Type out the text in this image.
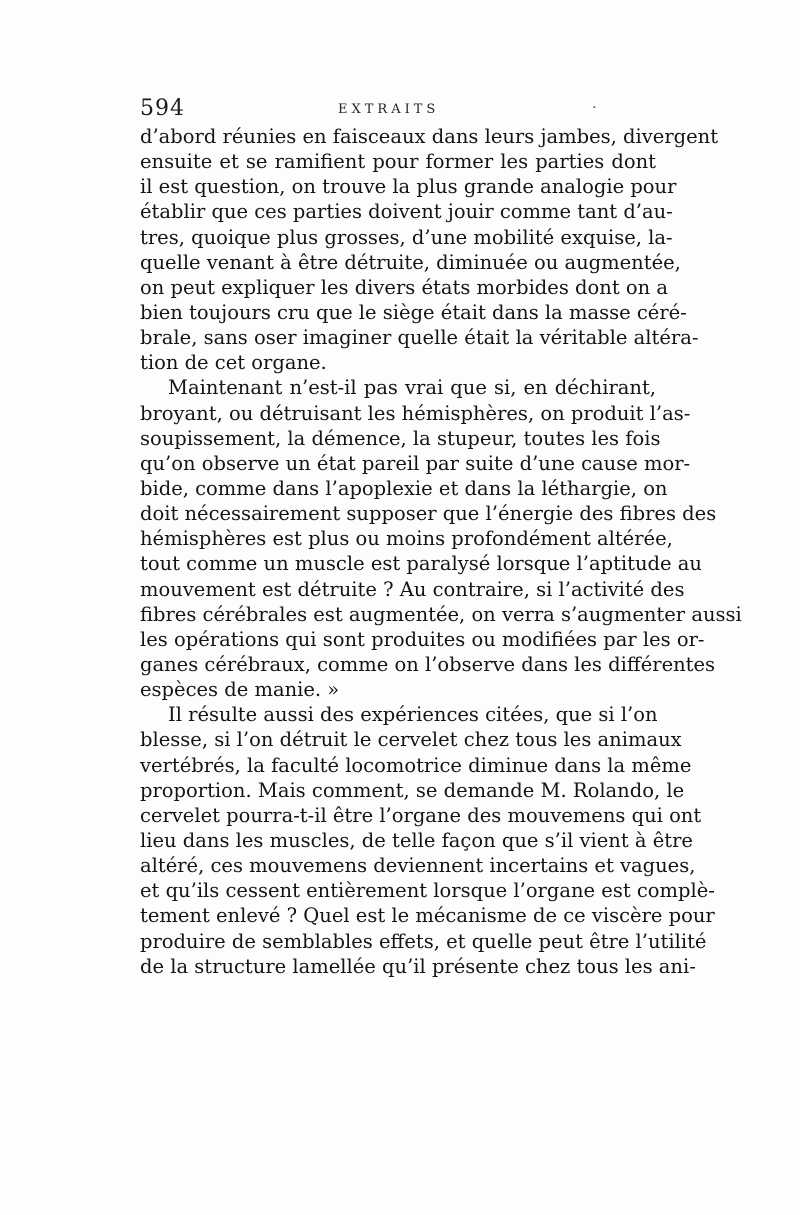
594	EXTRAITS	·
d’abord réunies en faisceaux dans leurs jambes, divergent
ensuite et se ramifient pour former les parties dont
il est question, on trouve la plus grande analogie pour
établir que ces parties doivent jouir comme tant d’au-
tres, quoique plus grosses, d’une mobilité exquise, la-
quelle venant à être détruite, diminuée ou augmentée,
on peut expliquer les divers états morbides dont on a
bien toujours cru que le siège était dans la masse céré-
brale, sans oser imaginer quelle était la véritable altéra-
tion de cet organe.
Maintenant n’est-il pas vrai que si, en déchirant,
broyant, ou détruisant les hémisphères, on produit l’as-
soupissement, la démence, la stupeur, toutes les fois
qu’on observe un état pareil par suite d’une cause mor-
bide, comme dans l’apoplexie et dans la léthargie, on
doit nécessairement supposer que l’énergie des fibres des
hémisphères est plus ou moins profondément altérée,
tout comme un muscle est paralysé lorsque l’aptitude au
mouvement est détruite ? Au contraire, si l’activité des
fibres cérébrales est augmentée, on verra s’augmenter aussi
les opérations qui sont produites ou modifiées par les or-
ganes cérébraux, comme on l’observe dans les différentes
espèces de manie. »
Il résulte aussi des expériences citées, que si l’on
blesse, si l’on détruit le cervelet chez tous les animaux
vertébrés, la faculté locomotrice diminue dans la même
proportion. Mais comment, se demande M. Rolando, le
cervelet pourra-t-il être l’organe des mouvemens qui ont
lieu dans les muscles, de telle façon que s’il vient à être
altéré, ces mouvemens deviennent incertains et vagues,
et qu’ils cessent entièrement lorsque l’organe est complè-
tement enlevé ? Quel est le mécanisme de ce viscère pour
produire de semblables effets, et quelle peut être l’utilité
de la structure lamellée qu’il présente chez tous les ani-
